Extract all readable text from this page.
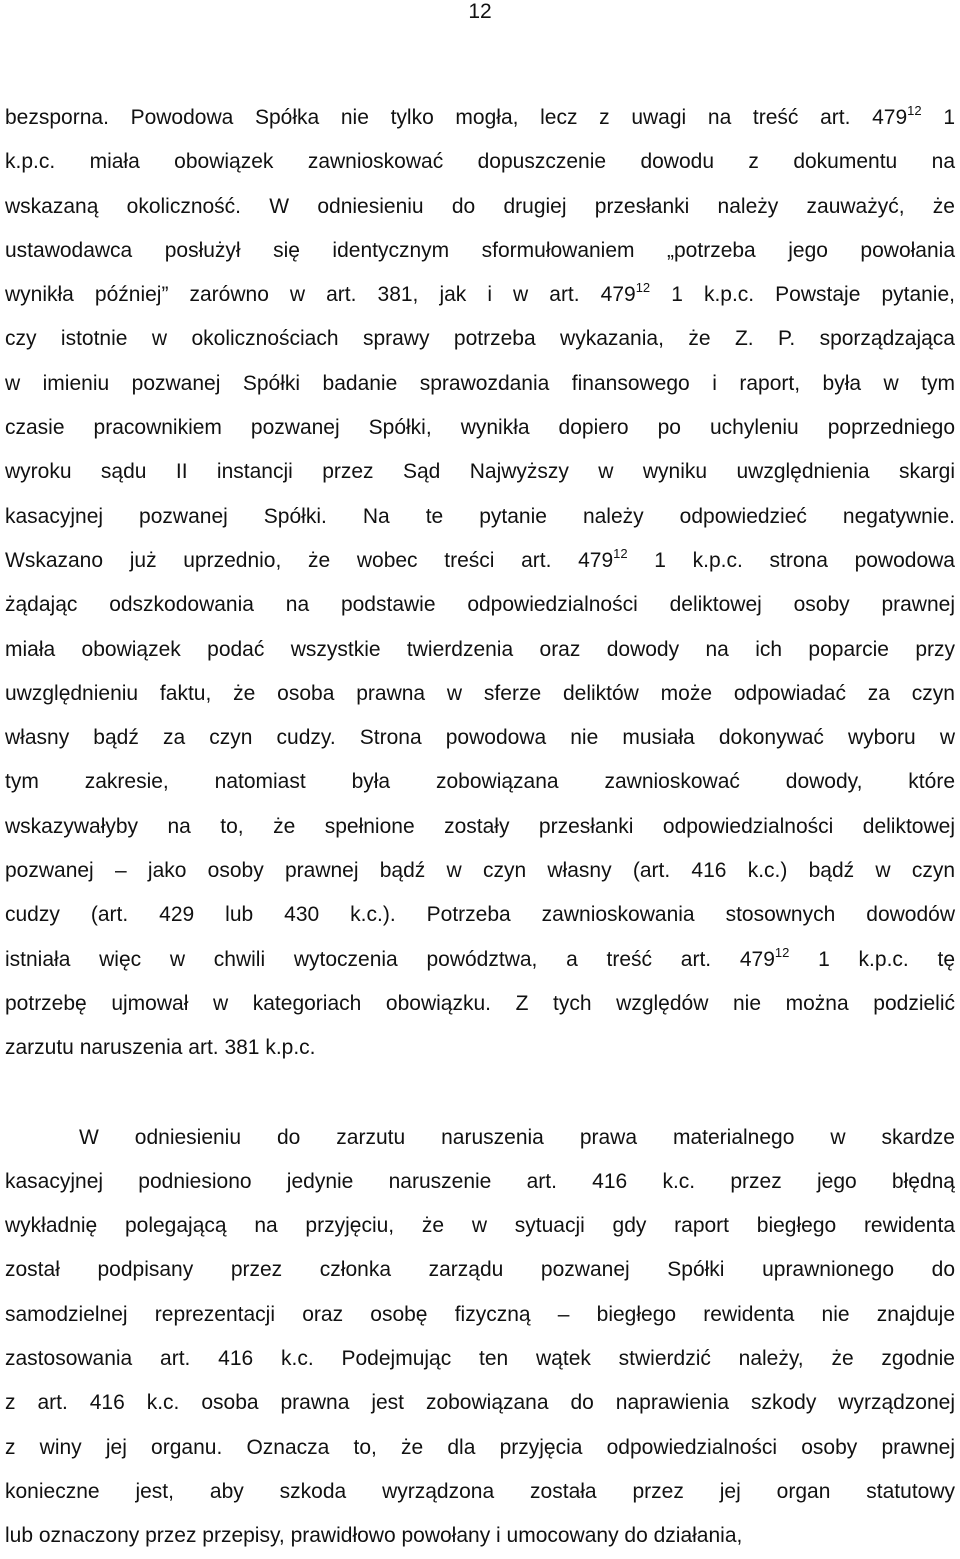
12
bezsporna. Powodowa Spółka nie tylko mogła, lecz z uwagi na treść art. $479^{12}$ 1
k.p.c. miała obowiązek zawnioskować dopuszczenie dowodu z dokumentu na
wskazaną okoliczność. W odniesieniu do drugiej przesłanki należy zauważyć, że
ustawodawca posłużył się identycznym sformułowaniem „potrzeba jego powołania
wynikła później” zarówno w art. 381, jak i w art. $479^{12}$ 1 k.p.c. Powstaje pytanie,
czy istotnie w okolicznościach sprawy potrzeba wykazania, że Z. P. sporządzająca
w imieniu pozwanej Spółki badanie sprawozdania finansowego i raport, była w tym
czasie pracownikiem pozwanej Spółki, wynikła dopiero po uchyleniu poprzedniego
wyroku sądu II instancji przez Sąd Najwyższy w wyniku uwzględnienia skargi
kasacyjnej pozwanej Spółki. Na te pytanie należy odpowiedzieć negatywnie.
Wskazano już uprzednio, że wobec treści art. $479^{12}$ 1 k.p.c. strona powodowa
żądając odszkodowania na podstawie odpowiedzialności deliktowej osoby prawnej
miała obowiązek podać wszystkie twierdzenia oraz dowody na ich poparcie przy
uwzględnieniu faktu, że osoba prawna w sferze deliktów może odpowiadać za czyn
własny bądź za czyn cudzy. Strona powodowa nie musiała dokonywać wyboru w
tym zakresie, natomiast była zobowiązana zawnioskować dowody, które
wskazywałyby na to, że spełnione zostały przesłanki odpowiedzialności deliktowej
pozwanej – jako osoby prawnej bądź w czyn własny (art. 416 k.c.) bądź w czyn
cudzy (art. 429 lub 430 k.c.). Potrzeba zawnioskowania stosownych dowodów
istniała więc w chwili wytoczenia powództwa, a treść art. $479^{12}$ 1 k.p.c. tę
potrzebę ujmował w kategoriach obowiązku. Z tych względów nie można podzielić
zarzutu naruszenia art. 381 k.p.c.
W odniesieniu do zarzutu naruszenia prawa materialnego w skardze
kasacyjnej podniesiono jedynie naruszenie art. 416 k.c. przez jego błędną
wykładnię polegającą na przyjęciu, że w sytuacji gdy raport biegłego rewidenta
został podpisany przez członka zarządu pozwanej Spółki uprawnionego do
samodzielnej reprezentacji oraz osobę fizyczną – biegłego rewidenta nie znajduje
zastosowania art. 416 k.c. Podejmując ten wątek stwierdzić należy, że zgodnie
z art. 416 k.c. osoba prawna jest zobowiązana do naprawienia szkody wyrządzonej
z winy jej organu. Oznacza to, że dla przyjęcia odpowiedzialności osoby prawnej
konieczne jest, aby szkoda wyrządzona została przez jej organ statutowy
lub oznaczony przez przepisy, prawidłowo powołany i umocowany do działania,
